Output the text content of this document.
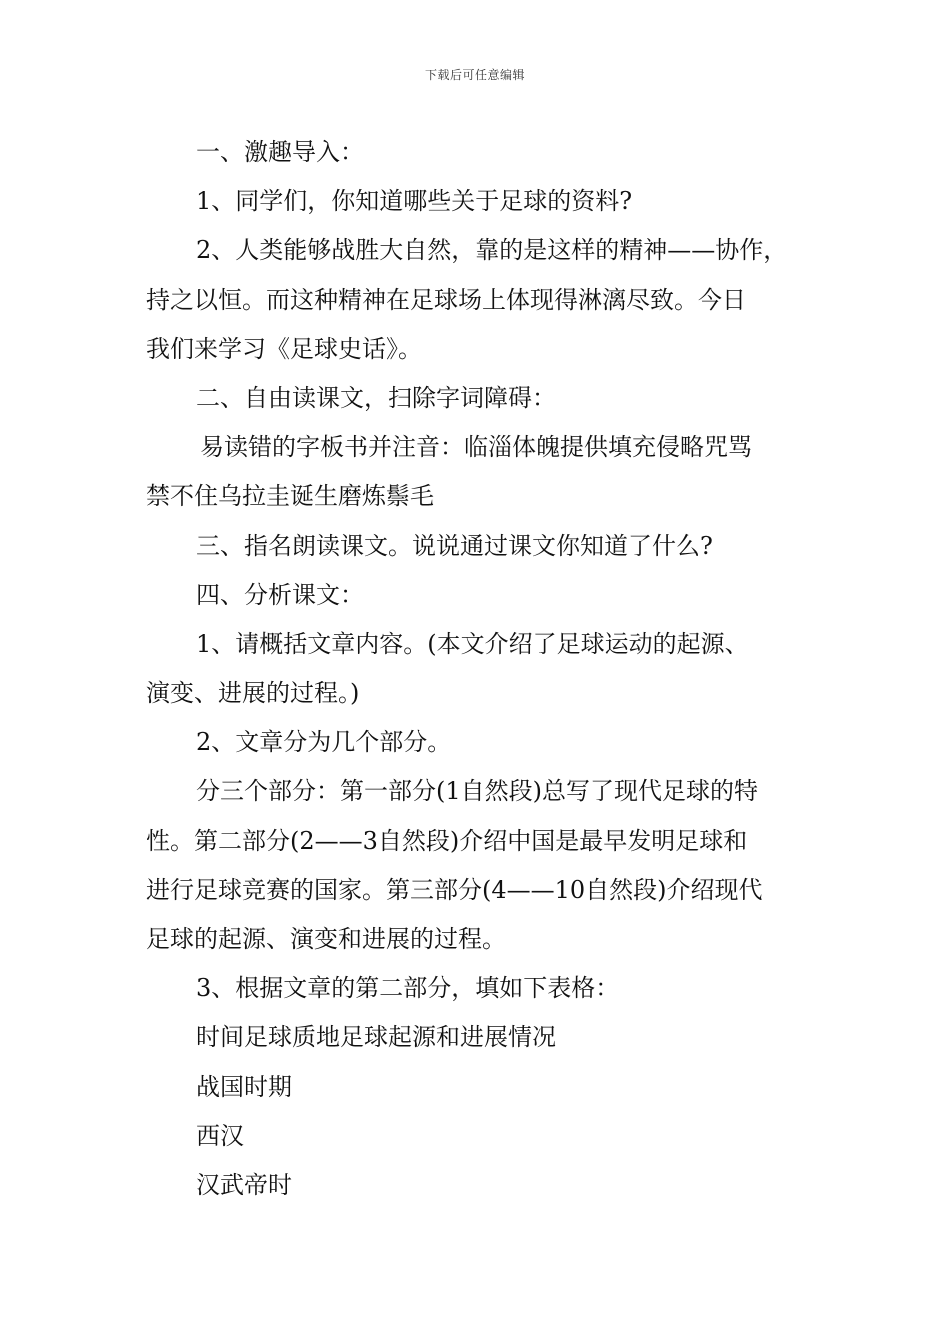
下载后可任意编辑

一、激趣导入：

1、同学们，你知道哪些关于足球的资料?

2、人类能够战胜大自然，靠的是这样的精神——协作，

持之以恒。而这种精神在足球场上体现得淋漓尽致。今日

我们来学习《足球史话》。

二、自由读课文，扫除字词障碍：

易读错的字板书并注音：临淄体魄提供填充侵略咒骂

禁不住乌拉圭诞生磨炼鬃毛

三、指名朗读课文。说说通过课文你知道了什么?

四、分析课文：

1、请概括文章内容。(本文介绍了足球运动的起源、

演变、进展的过程。)

2、文章分为几个部分。

分三个部分：第一部分(1自然段)总写了现代足球的特

性。第二部分(2——3自然段)介绍中国是最早发明足球和

进行足球竞赛的国家。第三部分(4——10自然段)介绍现代

足球的起源、演变和进展的过程。

3、根据文章的第二部分，填如下表格：

时间足球质地足球起源和进展情况

战国时期

西汉

汉武帝时
